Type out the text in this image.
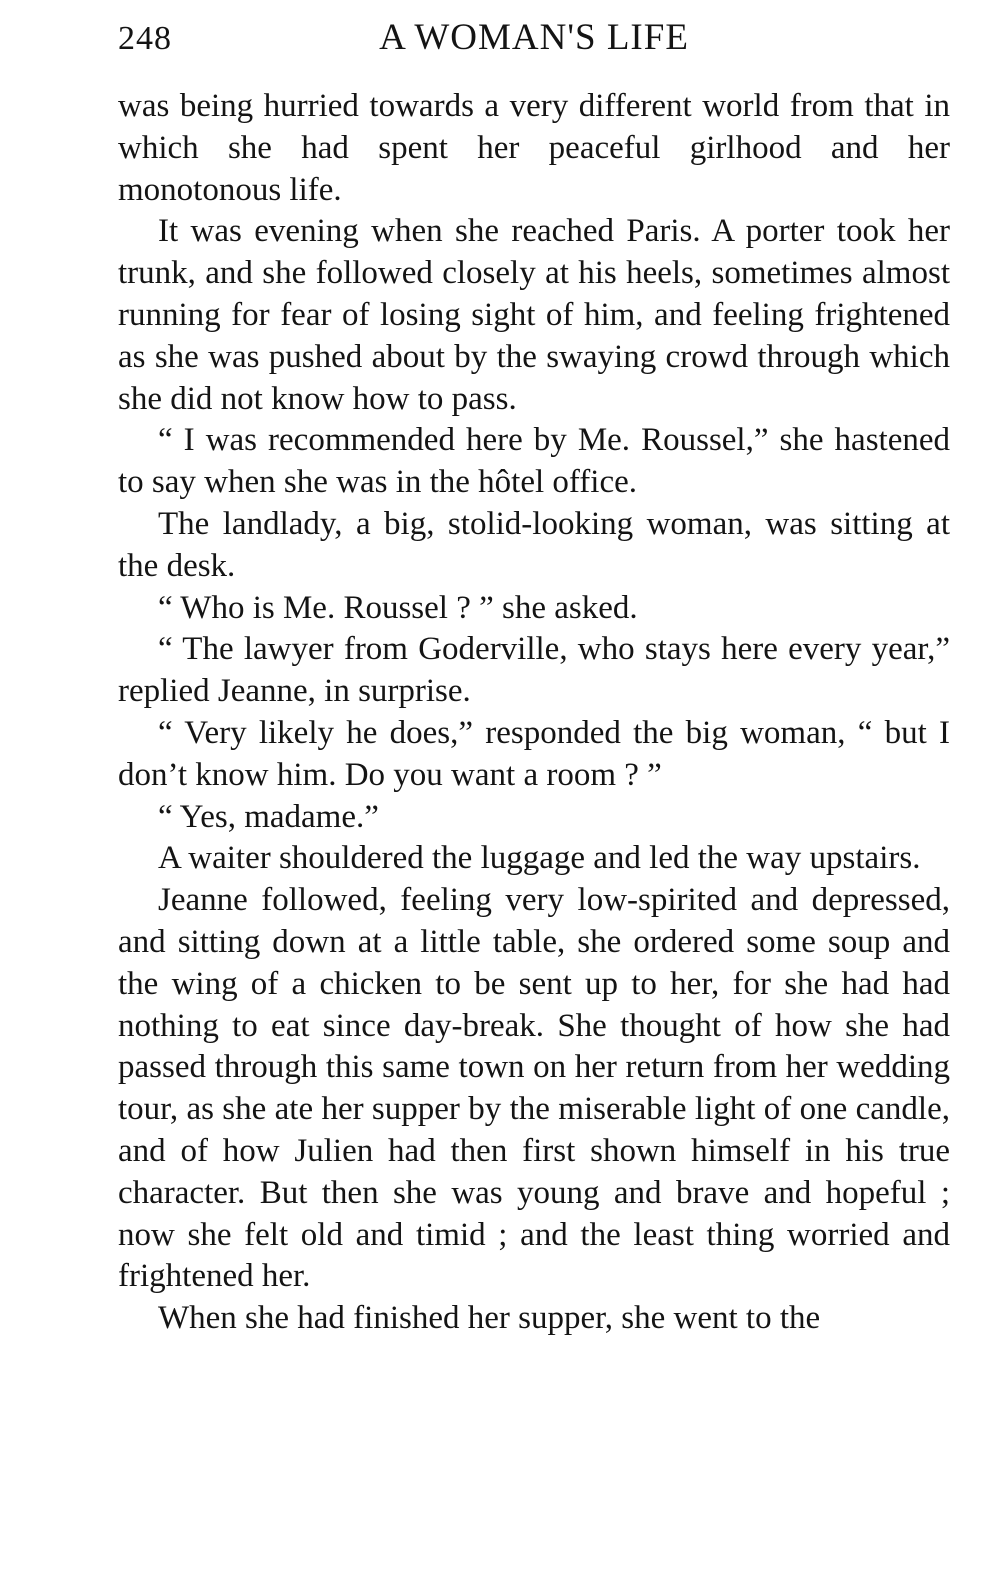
248	A WOMAN'S LIFE

was being hurried towards a very different world from that in which she had spent her peaceful girlhood and her monotonous life.

It was evening when she reached Paris. A porter took her trunk, and she followed closely at his heels, sometimes almost running for fear of losing sight of him, and feeling frightened as she was pushed about by the swaying crowd through which she did not know how to pass.

“ I was recommended here by Me. Roussel,” she hastened to say when she was in the hôtel office.

The landlady, a big, stolid-looking woman, was sitting at the desk.

“ Who is Me. Roussel ? ” she asked.

“ The lawyer from Goderville, who stays here every year,” replied Jeanne, in surprise.

“ Very likely he does,” responded the big woman, “ but I don’t know him. Do you want a room ? ”

“ Yes, madame.”

A waiter shouldered the luggage and led the way upstairs.

Jeanne followed, feeling very low-spirited and depressed, and sitting down at a little table, she ordered some soup and the wing of a chicken to be sent up to her, for she had had nothing to eat since day-break. She thought of how she had passed through this same town on her return from her wedding tour, as she ate her supper by the miserable light of one candle, and of how Julien had then first shown himself in his true character. But then she was young and brave and hopeful ; now she felt old and timid ; and the least thing worried and frightened her.

When she had finished her supper, she went to the
